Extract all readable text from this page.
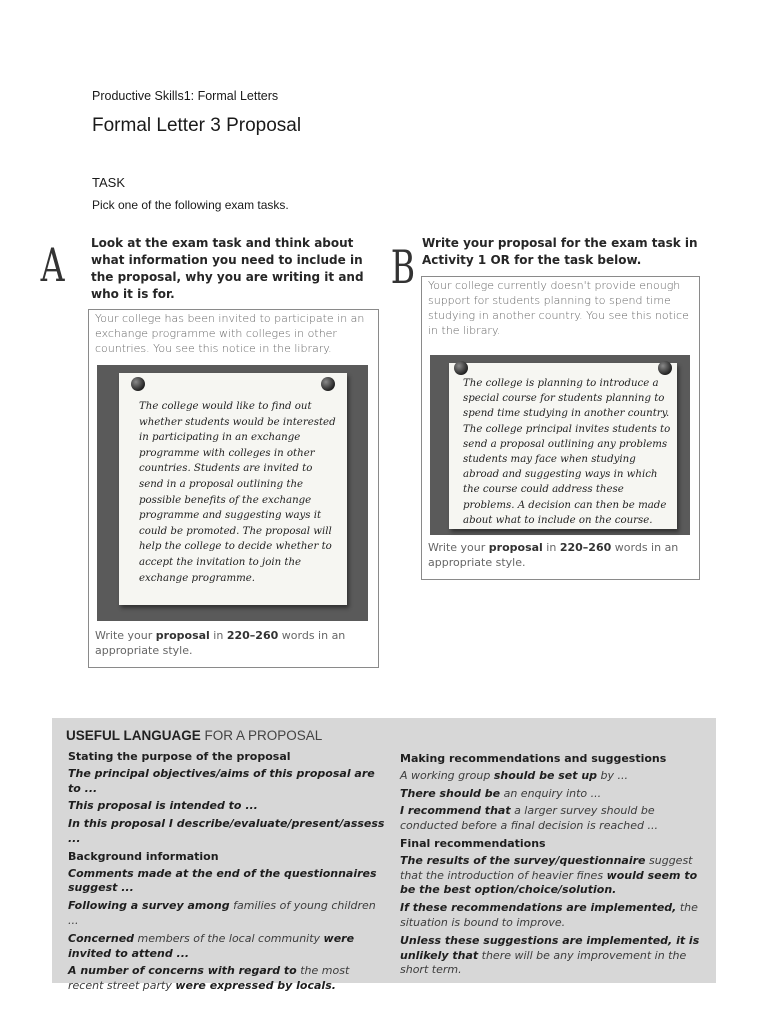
Productive Skills1: Formal Letters
Formal Letter 3 Proposal
TASK
Pick one of the following exam tasks.
A	B
Look at the exam task and think about what information you need to include in the proposal, why you are writing it and who it is for.
Write your proposal for the exam task in Activity 1 OR for the task below.
Your college has been invited to participate in an exchange programme with colleges in other countries. You see this notice in the library.
The college would like to find out whether students would be interested in participating in an exchange programme with colleges in other countries. Students are invited to send in a proposal outlining the possible benefits of the exchange programme and suggesting ways it could be promoted. The proposal will help the college to decide whether to accept the invitation to join the exchange programme.
Write your proposal in 220–260 words in an appropriate style.
Your college currently doesn't provide enough support for students planning to spend time studying in another country. You see this notice in the library.
The college is planning to introduce a special course for students planning to spend time studying in another country. The college principal invites students to send a proposal outlining any problems students may face when studying abroad and suggesting ways in which the course could address these problems. A decision can then be made about what to include on the course.
Write your proposal in 220–260 words in an appropriate style.
USEFUL LANGUAGE FOR A PROPOSAL
Stating the purpose of the proposal
The principal objectives/aims of this proposal are to ...
This proposal is intended to ...
In this proposal I describe/evaluate/present/assess ...
Background information
Comments made at the end of the questionnaires suggest ...
Following a survey among families of young children ...
Concerned members of the local community were invited to attend ...
A number of concerns with regard to the most recent street party were expressed by locals.
Making recommendations and suggestions
A working group should be set up by ...
There should be an enquiry into ...
I recommend that a larger survey should be conducted before a final decision is reached ...
Final recommendations
The results of the survey/questionnaire suggest that the introduction of heavier fines would seem to be the best option/choice/solution.
If these recommendations are implemented, the situation is bound to improve.
Unless these suggestions are implemented, it is unlikely that there will be any improvement in the short term.
